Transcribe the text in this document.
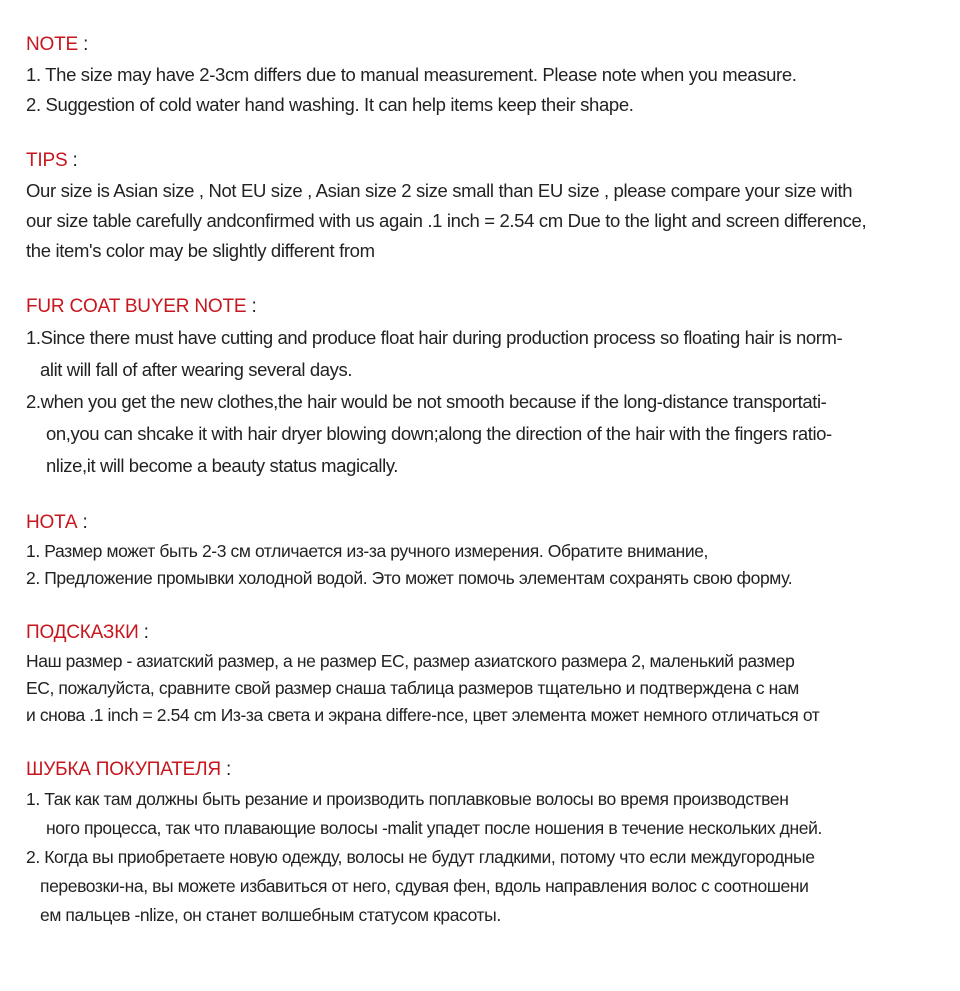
NOTE :

1. The size may have 2-3cm differs due to manual measurement. Please note when you measure.

2. Suggestion of cold water hand washing. It can help items keep their shape.

TIPS :

Our size is Asian size , Not EU size , Asian size 2 size small than EU size , please compare your size with

our size table carefully andconfirmed with us again .1 inch = 2.54 cm Due to the light and screen difference,

the item's color may be slightly different from

FUR COAT BUYER NOTE :

1.Since there must have cutting and produce float hair during production process so floating hair is norm-

alit will fall of after wearing several days.

2.when you get the new clothes,the hair would be not smooth because if the long-distance transportati-

on,you can shcake it with hair dryer blowing down;along the direction of the hair with the fingers ratio-

nlize,it will become a beauty status magically.

НОТА :

1. Размер может быть 2-3 см отличается из-за ручного измерения. Обратите внимание,

2. Предложение промывки холодной водой. Это может помочь элементам сохранять свою форму.

ПОДСКАЗКИ :

Наш размер - азиатский размер, а не размер ЕС, размер азиатского размера 2, маленький размер

ЕС, пожалуйста, сравните свой размер снаша таблица размеров тщательно и подтверждена с нам

и снова .1 inch = 2.54 cm Из-за света и экрана differe-nce, цвет элемента может немного отличаться от

ШУБКА ПОКУПАТЕЛЯ :

1. Так как там должны быть резание и производить поплавковые волосы во время производствен

ного процесса, так что плавающие волосы -malit упадет после ношения в течение нескольких дней.

2. Когда вы приобретаете новую одежду, волосы не будут гладкими, потому что если междугородные

перевозки-на, вы можете избавиться от него, сдувая фен, вдоль направления волос с соотношени

ем пальцев -nlize, он станет волшебным статусом красоты.
